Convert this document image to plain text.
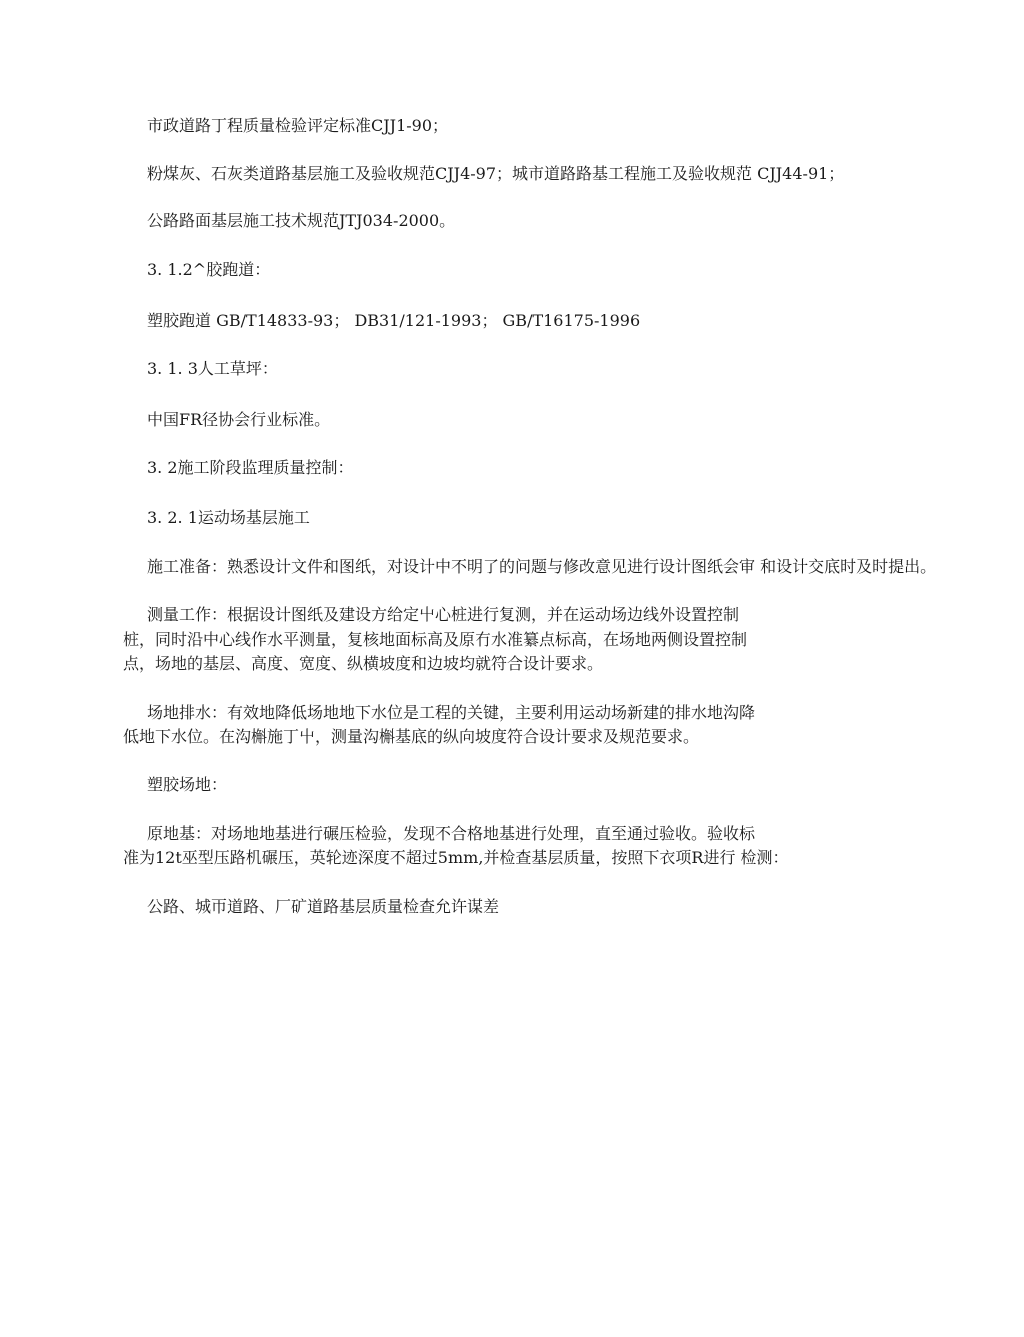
市政道路丁程质量检验评定标准CJJ1-90；
粉煤灰、石灰类道路基层施工及验收规范CJJ4-97；城市道路路基工程施工及验收规范 CJJ44-91；
公路路面基层施工技术规范JTJ034-2000。
3. 1.2^胶跑道：
塑胶跑道 GB/T14833-93； DB31/121-1993； GB/T16175-1996
3. 1. 3人工草坪：
中国FR径协会行业标准。
3. 2施工阶段监理质量控制：
3. 2. 1运动场基层施工
施工准备：熟悉设计文件和图纸，对设计中不明了的问题与修改意见进行设计图纸会审 和设计交底时及时提出。
测量工作：根据设计图纸及建设方给定屮心桩进行复测，并在运动场边线外设置控制
桩，同时沿中心线作水平测量，复核地面标高及原冇水准纂点标高，在场地两侧设置控制
点，场地的基层、高度、宽度、纵横坡度和边坡均就符合设计要求。
场地排水：有效地降低场地地下水位是工程的关键，主要利用运动场新建的排水地沟降
低地下水位。在沟槲施丁屮，测量沟槲基底的纵向坡度符合设计要求及规范要求。
塑胶场地：
原地基：对场地地基进行碾压检验，发现不合格地基进行处理，直至通过验收。验收标
准为12t巫型压路机碾压，英轮迹深度不超过5mm,并检查基层质量，按照下衣项R进行 检测：
公路、城帀道路、厂矿道路基层质量检查允许谋差
